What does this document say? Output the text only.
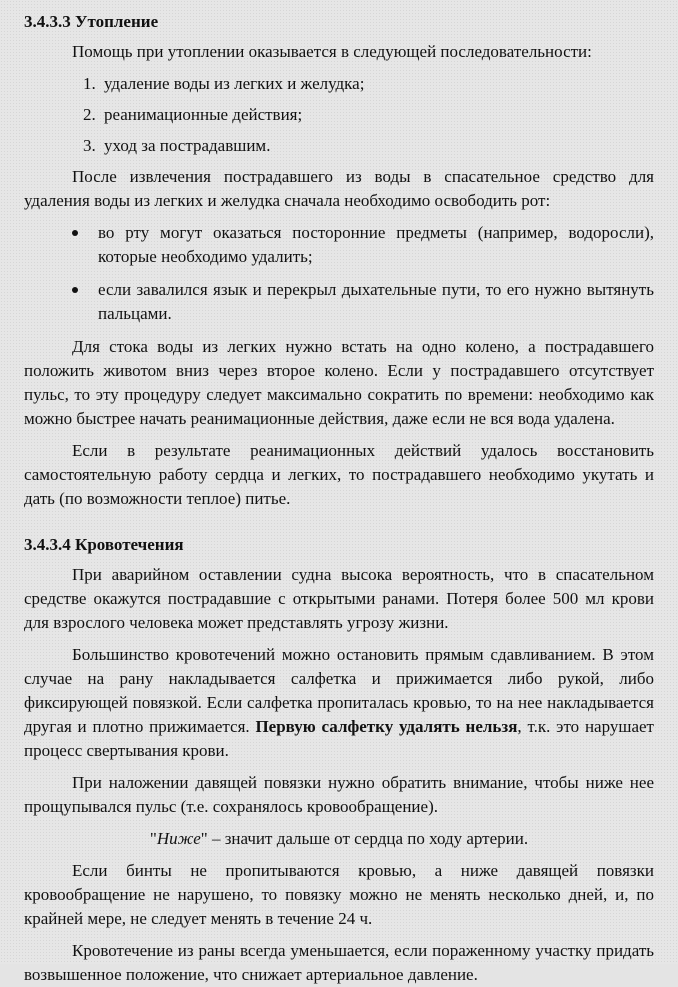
3.4.3.3 Утопление

Помощь при утоплении оказывается в следующей последовательности:

1. удаление воды из легких и желудка;
2. реанимационные действия;
3. уход за пострадавшим.

После извлечения пострадавшего из воды в спасательное средство для удаления воды из легких и желудка сначала необходимо освободить рот:

во рту могут оказаться посторонние предметы (например, водоросли), которые необходимо удалить;
если завалился язык и перекрыл дыхательные пути, то его нужно вытянуть пальцами.

Для стока воды из легких нужно встать на одно колено, а пострадавшего положить животом вниз через второе колено. Если у пострадавшего отсутствует пульс, то эту процедуру следует максимально сократить по времени: необходимо как можно быстрее начать реанимационные действия, даже если не вся вода удалена.

Если в результате реанимационных действий удалось восстановить самостоятельную работу сердца и легких, то пострадавшего необходимо укутать и дать (по возможности теплое) питье.

3.4.3.4 Кровотечения

При аварийном оставлении судна высока вероятность, что в спасательном средстве окажутся пострадавшие с открытыми ранами. Потеря более 500 мл крови для взрослого человека может представлять угрозу жизни.

Большинство кровотечений можно остановить прямым сдавливанием. В этом случае на рану накладывается салфетка и прижимается либо рукой, либо фиксирующей повязкой. Если салфетка пропиталась кровью, то на нее накладывается другая и плотно прижимается. Первую салфетку удалять нельзя, т.к. это нарушает процесс свертывания крови.

При наложении давящей повязки нужно обратить внимание, чтобы ниже нее прощупывался пульс (т.е. сохранялось кровообращение).

"Ниже" – значит дальше от сердца по ходу артерии.

Если бинты не пропитываются кровью, а ниже давящей повязки кровообращение не нарушено, то повязку можно не менять несколько дней, и, по крайней мере, не следует менять в течение 24 ч.

Кровотечение из раны всегда уменьшается, если пораженному участку придать возвышенное положение, что снижает артериальное давление.
